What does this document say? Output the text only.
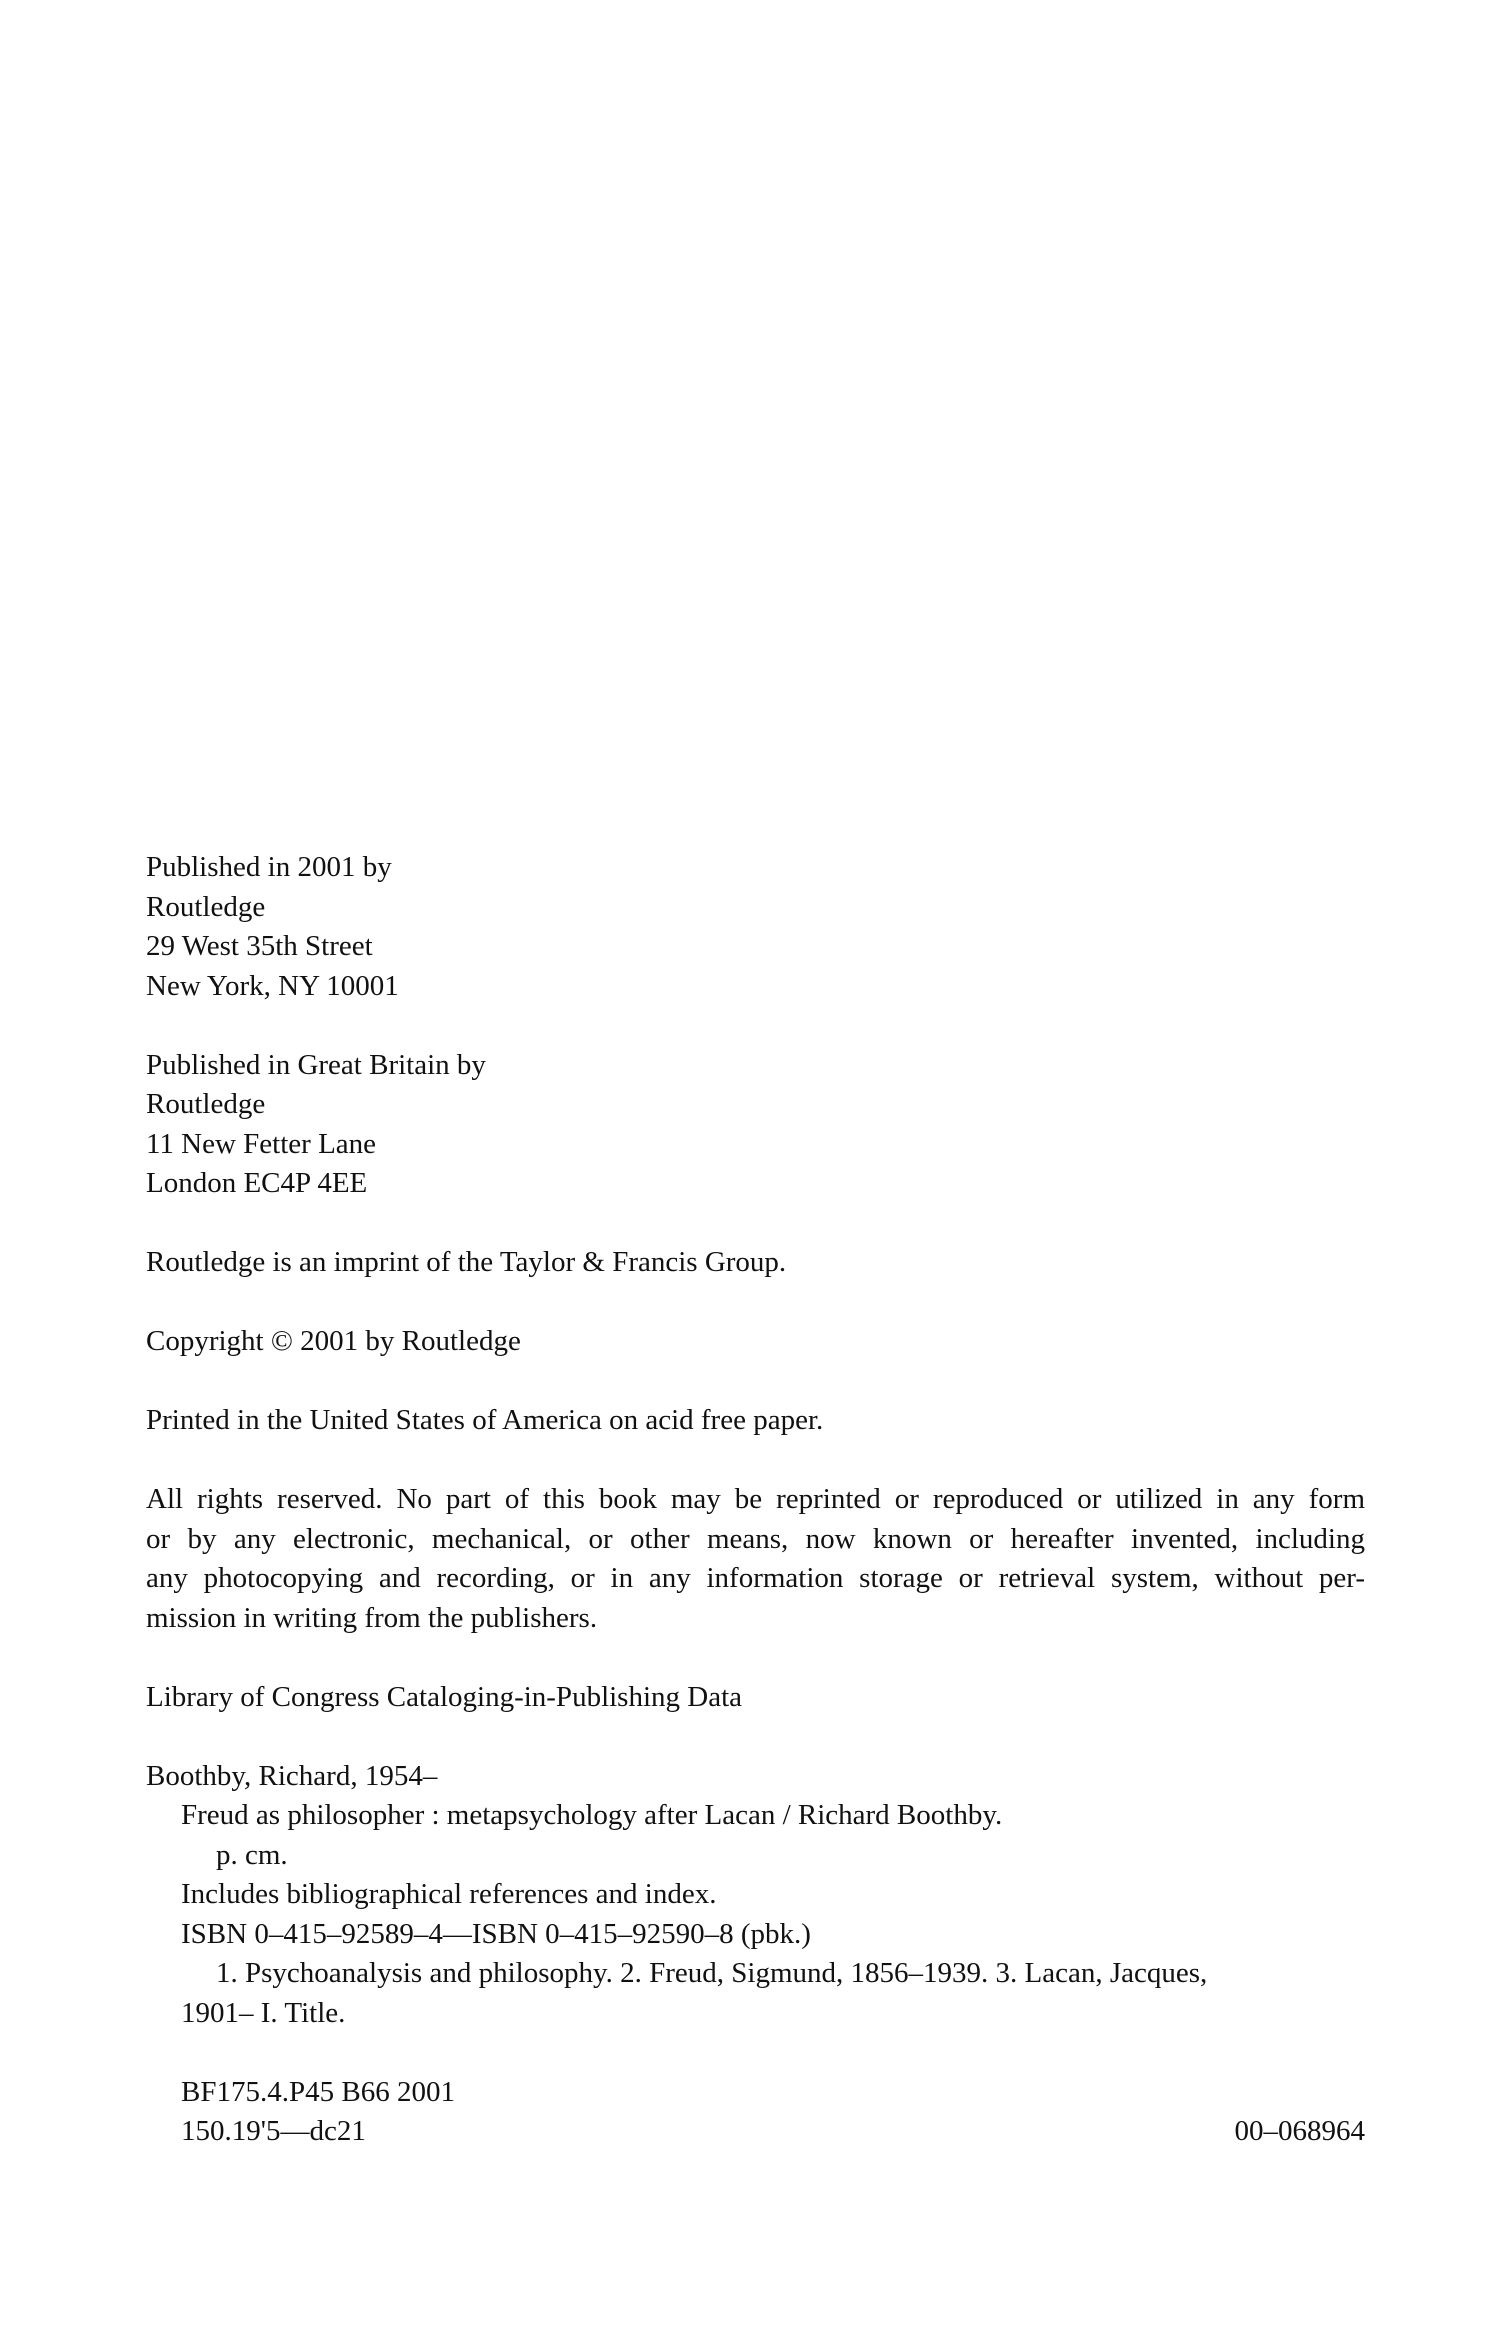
Published in 2001 by
Routledge
29 West 35th Street
New York, NY 10001
Published in Great Britain by
Routledge
11 New Fetter Lane
London EC4P 4EE
Routledge is an imprint of the Taylor & Francis Group.
Copyright © 2001 by Routledge
Printed in the United States of America on acid free paper.
All rights reserved. No part of this book may be reprinted or reproduced or utilized in any form
or by any electronic, mechanical, or other means, now known or hereafter invented, including
any photocopying and recording, or in any information storage or retrieval system, without per-
mission in writing from the publishers.
Library of Congress Cataloging-in-Publishing Data
Boothby, Richard, 1954–
Freud as philosopher : metapsychology after Lacan / Richard Boothby.
p. cm.
Includes bibliographical references and index.
ISBN 0–415–92589–4—ISBN 0–415–92590–8 (pbk.)
1. Psychoanalysis and philosophy. 2. Freud, Sigmund, 1856–1939. 3. Lacan, Jacques,
1901– I. Title.
BF175.4.P45 B66 2001
150.19'5—dc21	00–068964
